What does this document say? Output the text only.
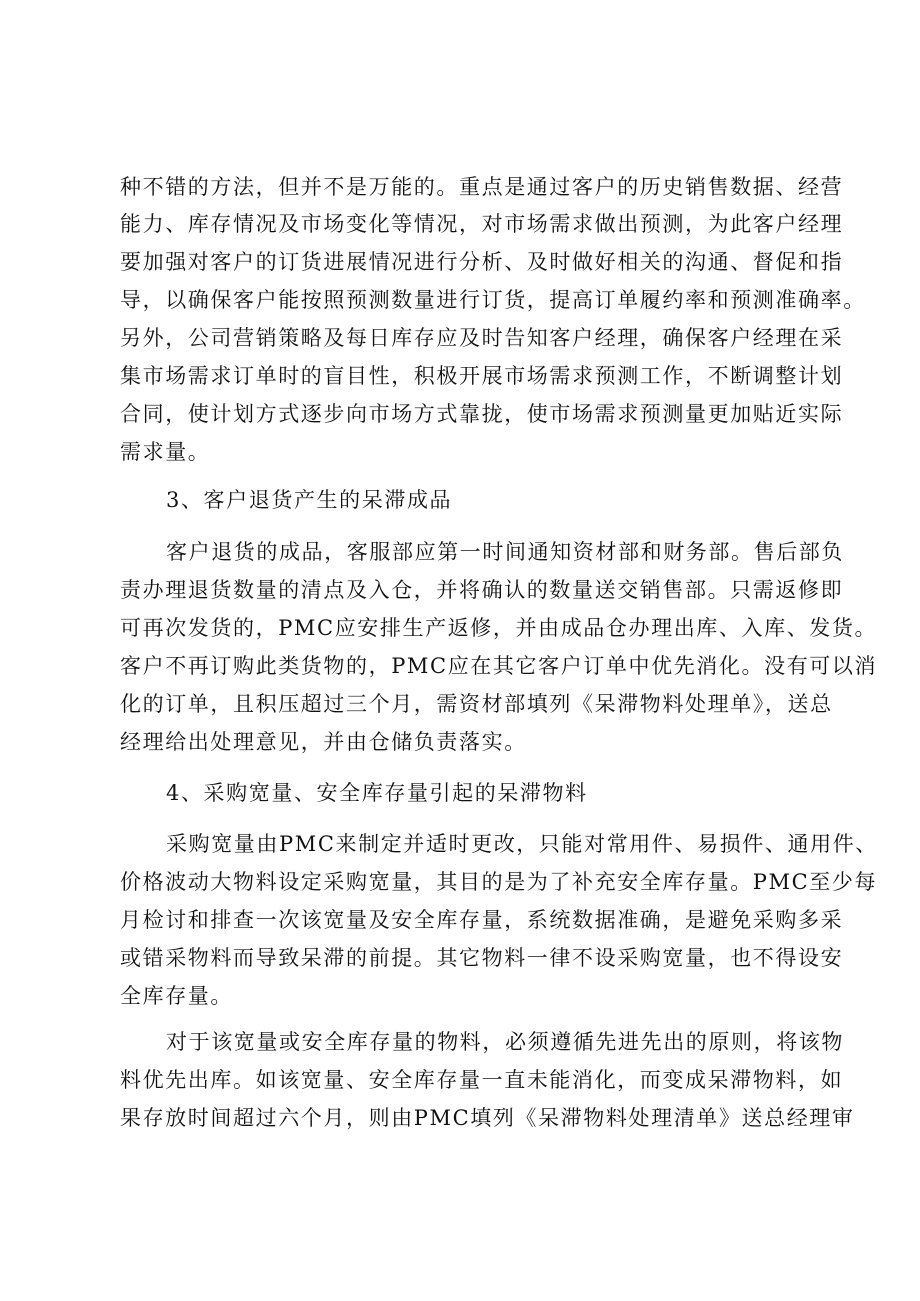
种不错的方法，但并不是万能的。重点是通过客户的历史销售数据、经营
能力、库存情况及市场变化等情况，对市场需求做出预测，为此客户经理
要加强对客户的订货进展情况进行分析、及时做好相关的沟通、督促和指
导，以确保客户能按照预测数量进行订货，提高订单履约率和预测准确率。
另外，公司营销策略及每日库存应及时告知客户经理，确保客户经理在采
集市场需求订单时的盲目性，积极开展市场需求预测工作，不断调整计划
合同，使计划方式逐步向市场方式靠拢，使市场需求预测量更加贴近实际
需求量。
3、客户退货产生的呆滞成品
客户退货的成品，客服部应第一时间通知资材部和财务部。售后部负
责办理退货数量的清点及入仓，并将确认的数量送交销售部。只需返修即
可再次发货的，PMC应安排生产返修，并由成品仓办理出库、入库、发货。
客户不再订购此类货物的，PMC应在其它客户订单中优先消化。没有可以消
化的订单，且积压超过三个月，需资材部填列《呆滞物料处理单》，送总
经理给出处理意见，并由仓储负责落实。
4、采购宽量、安全库存量引起的呆滞物料
采购宽量由PMC来制定并适时更改，只能对常用件、易损件、通用件、
价格波动大物料设定采购宽量，其目的是为了补充安全库存量。PMC至少每
月检讨和排查一次该宽量及安全库存量，系统数据准确，是避免采购多采
或错采物料而导致呆滞的前提。其它物料一律不设采购宽量，也不得设安
全库存量。
对于该宽量或安全库存量的物料，必须遵循先进先出的原则，将该物
料优先出库。如该宽量、安全库存量一直未能消化，而变成呆滞物料，如
果存放时间超过六个月，则由PMC填列《呆滞物料处理清单》送总经理审
